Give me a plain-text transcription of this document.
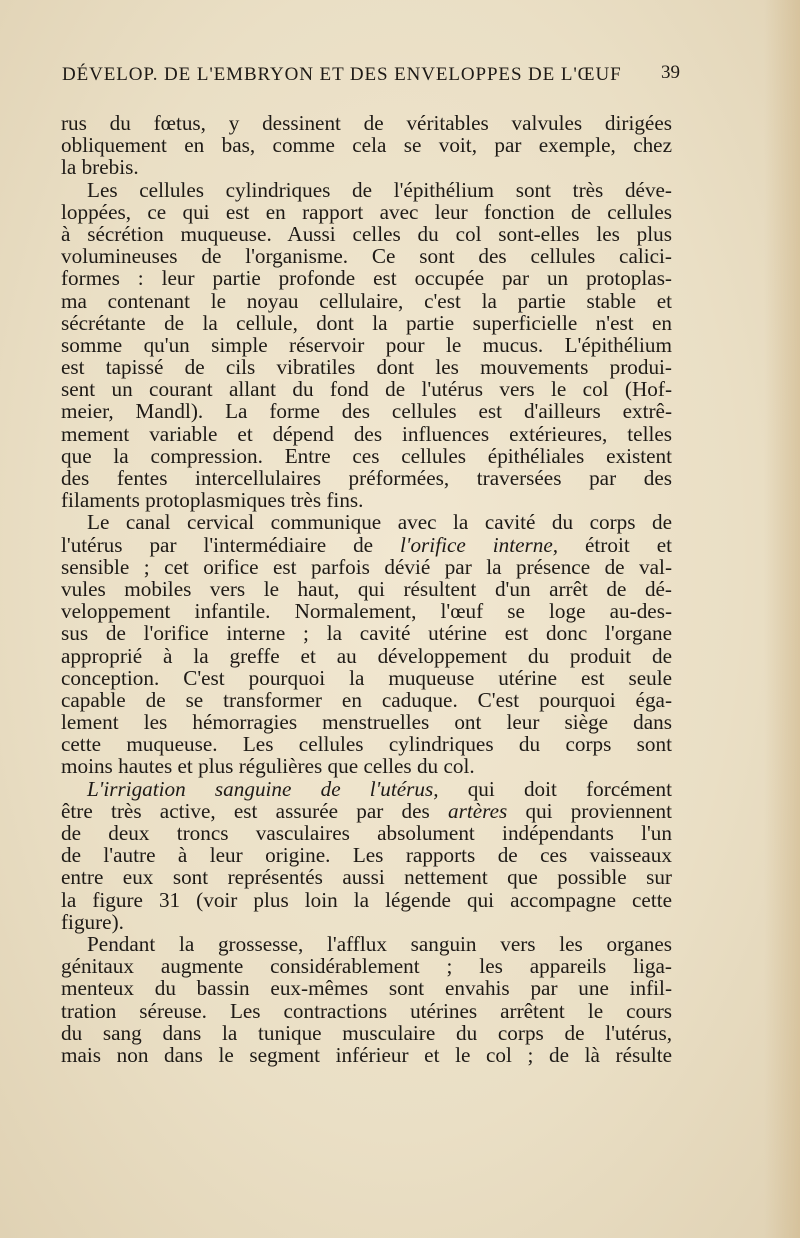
DÉVELOP. DE L'EMBRYON ET DES ENVELOPPES DE L'ŒUF 39
rus du fœtus, y dessinent de véritables valvules dirigées
obliquement en bas, comme cela se voit, par exemple, chez
la brebis.
Les cellules cylindriques de l'épithélium sont très déve-
loppées, ce qui est en rapport avec leur fonction de cellules
à sécrétion muqueuse. Aussi celles du col sont-elles les plus
volumineuses de l'organisme. Ce sont des cellules calici-
formes : leur partie profonde est occupée par un protoplas-
ma contenant le noyau cellulaire, c'est la partie stable et
sécrétante de la cellule, dont la partie superficielle n'est en
somme qu'un simple réservoir pour le mucus. L'épithélium
est tapissé de cils vibratiles dont les mouvements produi-
sent un courant allant du fond de l'utérus vers le col (Hof-
meier, Mandl). La forme des cellules est d'ailleurs extrê-
mement variable et dépend des influences extérieures, telles
que la compression. Entre ces cellules épithéliales existent
des fentes intercellulaires préformées, traversées par des
filaments protoplasmiques très fins.
Le canal cervical communique avec la cavité du corps de
l'utérus par l'intermédiaire de l'orifice interne, étroit et
sensible ; cet orifice est parfois dévié par la présence de val-
vules mobiles vers le haut, qui résultent d'un arrêt de dé-
veloppement infantile. Normalement, l'œuf se loge au-des-
sus de l'orifice interne ; la cavité utérine est donc l'organe
approprié à la greffe et au développement du produit de
conception. C'est pourquoi la muqueuse utérine est seule
capable de se transformer en caduque. C'est pourquoi éga-
lement les hémorragies menstruelles ont leur siège dans
cette muqueuse. Les cellules cylindriques du corps sont
moins hautes et plus régulières que celles du col.
L'irrigation sanguine de l'utérus, qui doit forcément
être très active, est assurée par des artères qui proviennent
de deux troncs vasculaires absolument indépendants l'un
de l'autre à leur origine. Les rapports de ces vaisseaux
entre eux sont représentés aussi nettement que possible sur
la figure 31 (voir plus loin la légende qui accompagne cette
figure).
Pendant la grossesse, l'afflux sanguin vers les organes
génitaux augmente considérablement ; les appareils liga-
menteux du bassin eux-mêmes sont envahis par une infil-
tration séreuse. Les contractions utérines arrêtent le cours
du sang dans la tunique musculaire du corps de l'utérus,
mais non dans le segment inférieur et le col ; de là résulte
